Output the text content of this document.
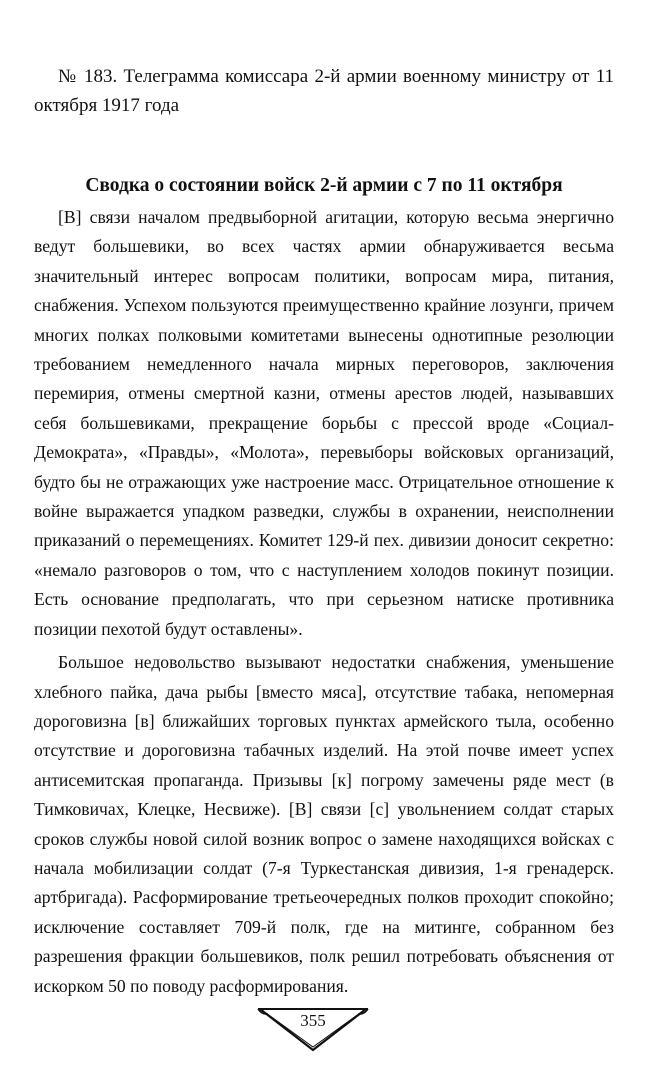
№ 183. Телеграмма комиссара 2-й армии военному министру от 11 октября 1917 года

Сводка о состоянии войск 2-й армии с 7 по 11 октября

[В] связи началом предвыборной агитации, которую весьма энергично ведут большевики, во всех частях армии обнаруживается весьма значительный интерес вопросам политики, вопросам мира, питания, снабжения. Успехом пользуются преимущественно крайние лозунги, причем многих полках полковыми комитетами вынесены однотипные резолюции требованием немедленного начала мирных переговоров, заключения перемирия, отмены смертной казни, отмены арестов людей, называвших себя большевиками, прекращение борьбы с прессой вроде «Социал-Демократа», «Правды», «Молота», перевыборы войсковых организаций, будто бы не отражающих уже настроение масс. Отрицательное отношение к войне выражается упадком разведки, службы в охранении, неисполнении приказаний о перемещениях. Комитет 129-й пех. дивизии доносит секретно: «немало разговоров о том, что с наступлением холодов покинут позиции. Есть основание предполагать, что при серьезном натиске противника позиции пехотой будут оставлены».

Большое недовольство вызывают недостатки снабжения, уменьшение хлебного пайка, дача рыбы [вместо мяса], отсутствие табака, непомерная дороговизна [в] ближайших торговых пунктах армейского тыла, особенно отсутствие и дороговизна табачных изделий. На этой почве имеет успех антисемитская пропаганда. Призывы [к] погрому замечены ряде мест (в Тимковичах, Клецке, Несвиже). [В] связи [с] увольнением солдат старых сроков службы новой силой возник вопрос о замене находящихся войсках с начала мобилизации солдат (7-я Туркестанская дивизия, 1-я гренадерск. артбригада). Расформирование третьеочередных полков проходит спокойно; исключение составляет 709-й полк, где на митинге, собранном без разрешения фракции большевиков, полк решил потребовать объяснения от искорком 50 по поводу расформирования.

355
